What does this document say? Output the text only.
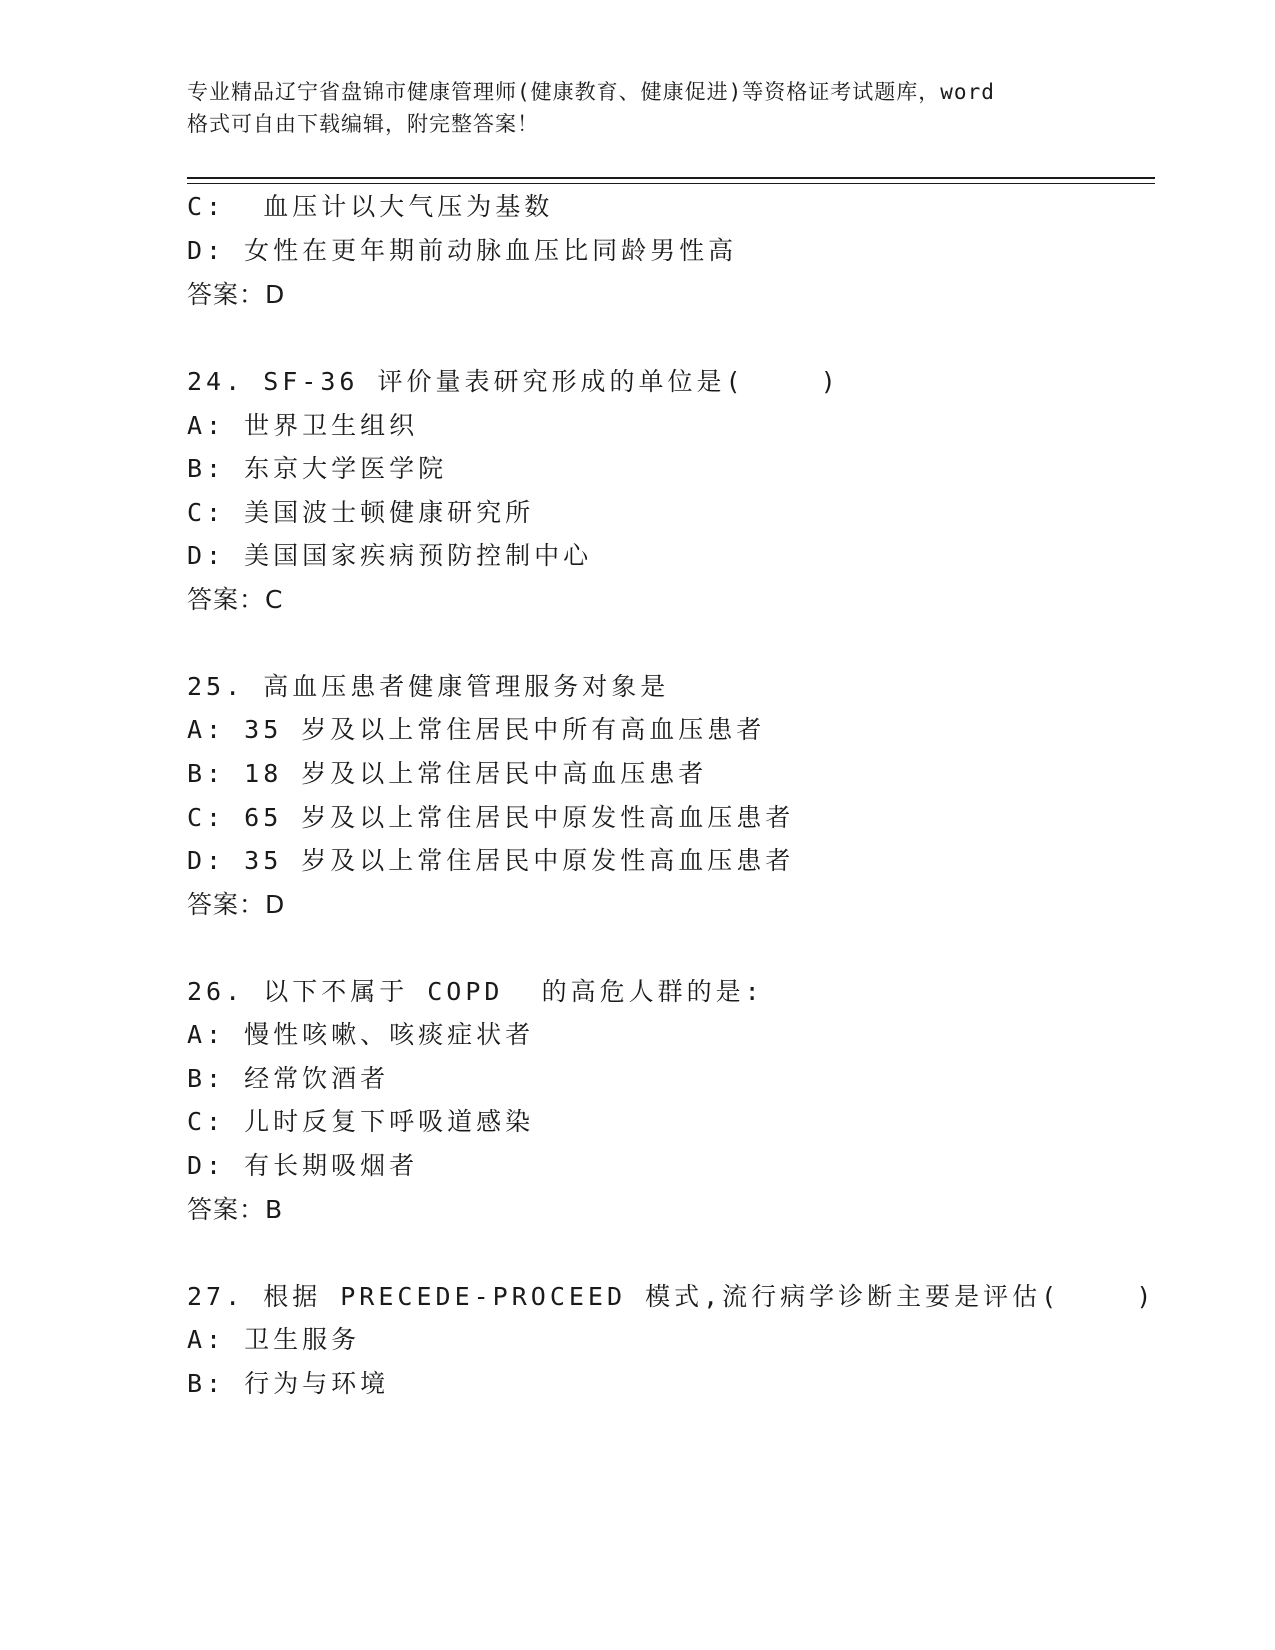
专业精品辽宁省盘锦市健康管理师(健康教育、健康促进)等资格证考试题库，word
格式可自由下载编辑，附完整答案！
C:  血压计以大气压为基数
D: 女性在更年期前动脉血压比同龄男性高
答案：D
24. SF-36 评价量表研究形成的单位是(    )
A: 世界卫生组织
B: 东京大学医学院
C: 美国波士顿健康研究所
D: 美国国家疾病预防控制中心
答案：C
25. 高血压患者健康管理服务对象是
A: 35 岁及以上常住居民中所有高血压患者
B: 18 岁及以上常住居民中高血压患者
C: 65 岁及以上常住居民中原发性高血压患者
D: 35 岁及以上常住居民中原发性高血压患者
答案：D
26. 以下不属于 COPD  的高危人群的是:
A: 慢性咳嗽、咳痰症状者
B: 经常饮酒者
C: 儿时反复下呼吸道感染
D: 有长期吸烟者
答案：B
27. 根据 PRECEDE-PROCEED 模式,流行病学诊断主要是评估(    )
A: 卫生服务
B: 行为与环境
